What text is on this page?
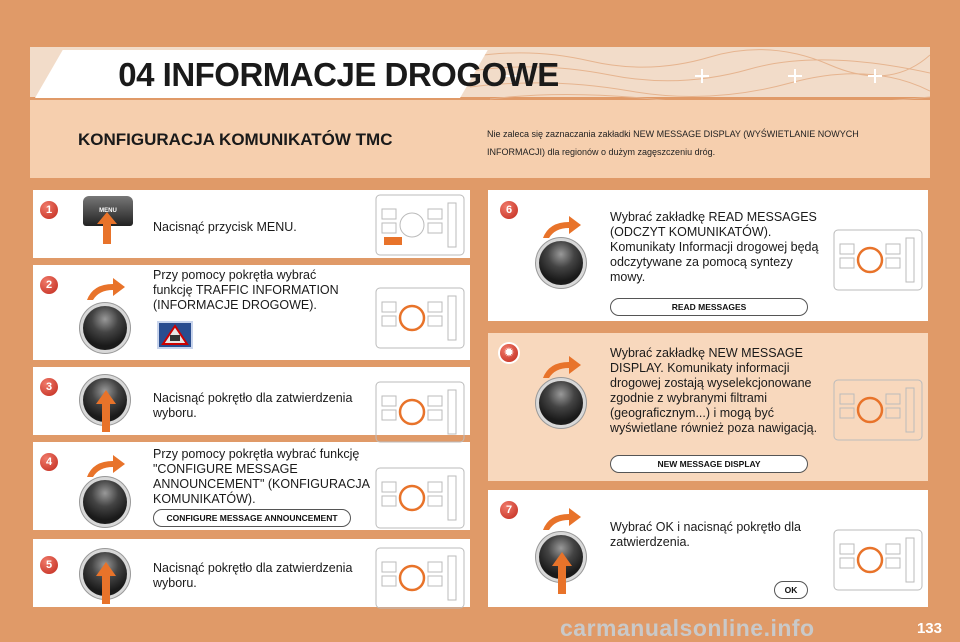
04 INFORMACJE DROGOWE
KONFIGURACJA KOMUNIKATÓW TMC	Nie zaleca się zaznaczania zakładki NEW MESSAGE DISPLAY (WYŚWIETLANIE NOWYCH INFORMACJI) dla regionów o dużym zagęszczeniu dróg.
1
2
3
4
5
6
✹
7
MENU
Nacisnąć przycisk MENU.
Przy pomocy pokrętła wybrać funkcję TRAFFIC INFORMATION (INFORMACJE DROGOWE).
Nacisnąć pokrętło dla zatwierdzenia wyboru.
Przy pomocy pokrętła wybrać funkcję "CONFIGURE MESSAGE ANNOUNCEMENT" (KONFIGURACJA KOMUNIKATÓW).
CONFIGURE MESSAGE ANNOUNCEMENT
Nacisnąć pokrętło dla zatwierdzenia wyboru.
Wybrać zakładkę READ MESSAGES (ODCZYT KOMUNIKATÓW). Komunikaty Informacji drogowej będą odczytywane za pomocą syntezy mowy.
READ MESSAGES
Wybrać zakładkę NEW MESSAGE DISPLAY. Komunikaty informacji drogowej zostają wyselekcjonowane zgodnie z wybranymi filtrami (geograficznym...) i mogą być wyświetlane również poza nawigacją.
NEW MESSAGE DISPLAY
Wybrać OK i nacisnąć pokrętło dla zatwierdzenia.
OK
carmanualsonline.info	133
